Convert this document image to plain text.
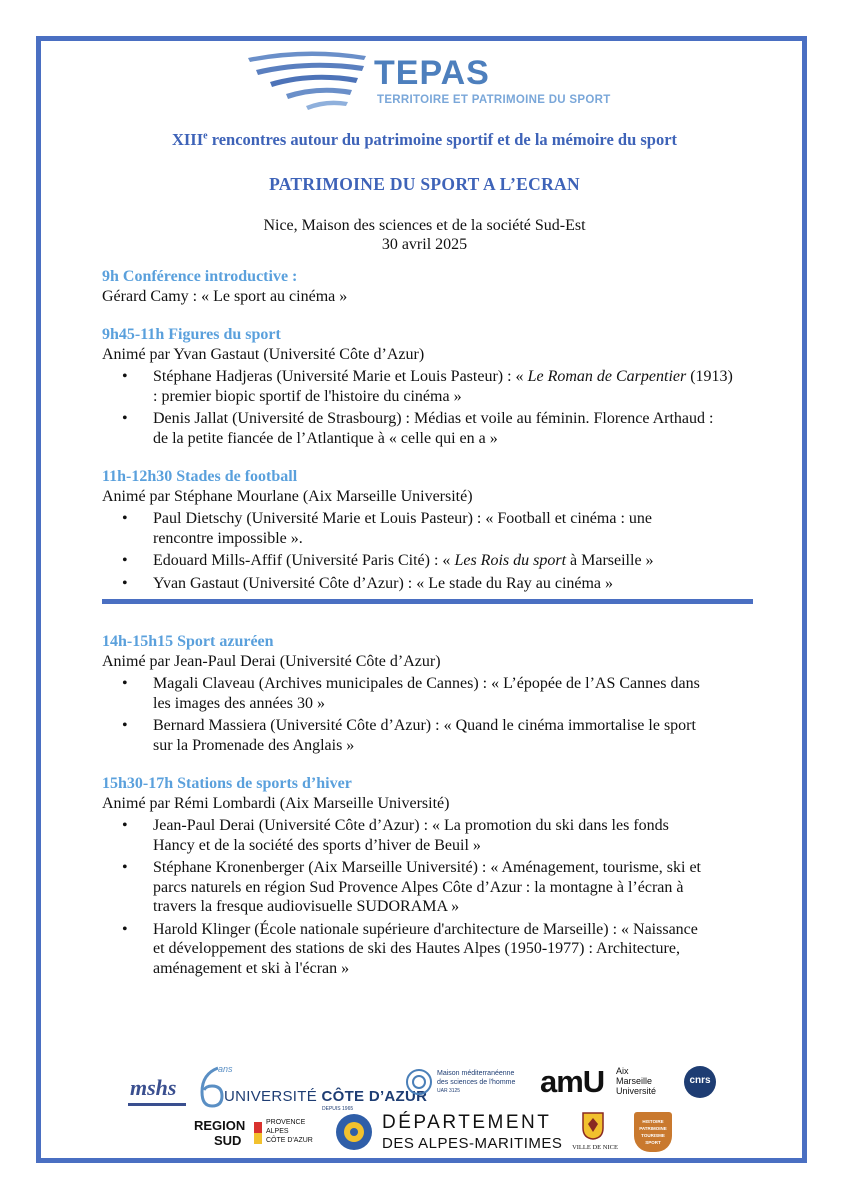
TEPAS
TERRITOIRE ET PATRIMOINE DU SPORT
XIIIe rencontres autour du patrimoine sportif et de la mémoire du sport
PATRIMOINE DU SPORT A L’ECRAN
Nice, Maison des sciences et de la société Sud-Est
30 avril 2025
9h Conférence introductive :
Gérard Camy : « Le sport au cinéma »
9h45-11h Figures du sport
Animé par Yvan Gastaut (Université Côte d’Azur)
• Stéphane Hadjeras (Université Marie et Louis Pasteur) : « Le Roman de Carpentier (1913)
: premier biopic sportif de l'histoire du cinéma »
• Denis Jallat (Université de Strasbourg) : Médias et voile au féminin. Florence Arthaud :
de la petite fiancée de l’Atlantique à « celle qui en a »
11h-12h30 Stades de football
Animé par Stéphane Mourlane (Aix Marseille Université)
• Paul Dietschy (Université Marie et Louis Pasteur) : « Football et cinéma : une
rencontre impossible ».
• Edouard Mills-Affif (Université Paris Cité) : « Les Rois du sport à Marseille »
• Yvan Gastaut (Université Côte d’Azur) : « Le stade du Ray au cinéma »
14h-15h15 Sport azuréen
Animé par Jean-Paul Derai (Université Côte d’Azur)
• Magali Claveau (Archives municipales de Cannes) : « L’épopée de l’AS Cannes dans
les images des années 30 »
• Bernard Massiera (Université Côte d’Azur) : « Quand le cinéma immortalise le sport
sur la Promenade des Anglais »
15h30-17h Stations de sports d’hiver
Animé par Rémi Lombardi (Aix Marseille Université)
• Jean-Paul Derai (Université Côte d’Azur) : « La promotion du ski dans les fonds
Hancy et de la société des sports d’hiver de Beuil »
• Stéphane Kronenberger (Aix Marseille Université) : « Aménagement, tourisme, ski et
parcs naturels en région Sud Provence Alpes Côte d’Azur : la montagne à l’écran à
travers la fresque audiovisuelle SUDORAMA »
• Harold Klinger (École nationale supérieure d'architecture de Marseille) : « Naissance
et développement des stations de ski des Hautes Alpes (1950-1977) : Architecture,
aménagement et ski à l'écran »
mshs
ans
UNIVERSITÉ CÔTE D’AZUR
DEPUIS 1965
Maison méditerranéenne
des sciences de l'homme
UAR 3125	amU Aix
Marseille
Université
cnrs
REGION
SUD
PROVENCE
ALPES
CÔTE D'AZUR
DÉPARTEMENT
DES ALPES-MARITIMES	VILLE DE NICE
HISTOIRE
PATRIMOINE
TOURISME
SPORT
